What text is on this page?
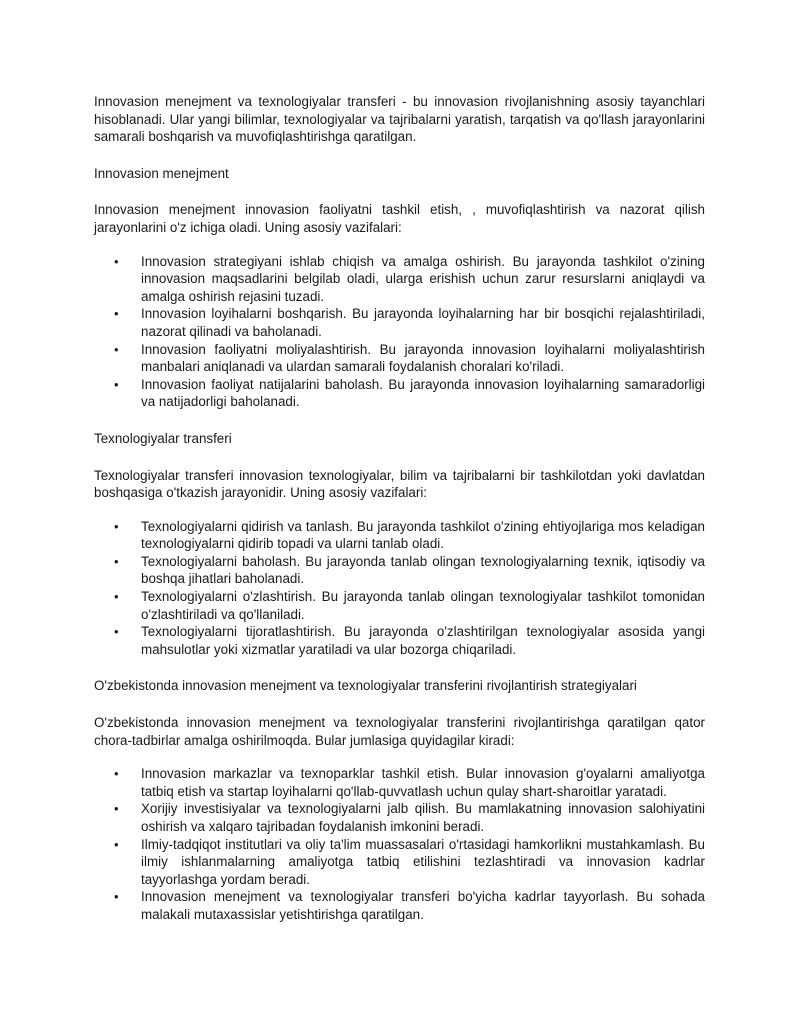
Innovasion menejment va texnologiyalar transferi - bu innovasion rivojlanishning asosiy tayanchlari hisoblanadi. Ular yangi bilimlar, texnologiyalar va tajribalarni yaratish, tarqatish va qo'llash jarayonlarini samarali boshqarish va muvofiqlashtirishga qaratilgan.

Innovasion menejment

Innovasion menejment innovasion faoliyatni tashkil etish, , muvofiqlashtirish va nazorat qilish jarayonlarini o'z ichiga oladi. Uning asosiy vazifalari:

• Innovasion strategiyani ishlab chiqish va amalga oshirish. Bu jarayonda tashkilot o'zining innovasion maqsadlarini belgilab oladi, ularga erishish uchun zarur resurslarni aniqlaydi va amalga oshirish rejasini tuzadi.
• Innovasion loyihalarni boshqarish. Bu jarayonda loyihalarning har bir bosqichi rejalashtiriladi, nazorat qilinadi va baholanadi.
• Innovasion faoliyatni moliyalashtirish. Bu jarayonda innovasion loyihalarni moliyalashtirish manbalari aniqlanadi va ulardan samarali foydalanish choralari ko'riladi.
• Innovasion faoliyat natijalarini baholash. Bu jarayonda innovasion loyihalarning samaradorligi va natijadorligi baholanadi.

Texnologiyalar transferi

Texnologiyalar transferi innovasion texnologiyalar, bilim va tajribalarni bir tashkilotdan yoki davlatdan boshqasiga o'tkazish jarayonidir. Uning asosiy vazifalari:

• Texnologiyalarni qidirish va tanlash. Bu jarayonda tashkilot o'zining ehtiyojlariga mos keladigan texnologiyalarni qidirib topadi va ularni tanlab oladi.
• Texnologiyalarni baholash. Bu jarayonda tanlab olingan texnologiyalarning texnik, iqtisodiy va boshqa jihatlari baholanadi.
• Texnologiyalarni o'zlashtirish. Bu jarayonda tanlab olingan texnologiyalar tashkilot tomonidan o'zlashtiriladi va qo'llaniladi.
• Texnologiyalarni tijoratlashtirish. Bu jarayonda o'zlashtirilgan texnologiyalar asosida yangi mahsulotlar yoki xizmatlar yaratiladi va ular bozorga chiqariladi.

O'zbekistonda innovasion menejment va texnologiyalar transferini rivojlantirish strategiyalari

O'zbekistonda innovasion menejment va texnologiyalar transferini rivojlantirishga qaratilgan qator chora-tadbirlar amalga oshirilmoqda. Bular jumlasiga quyidagilar kiradi:

• Innovasion markazlar va texnoparklar tashkil etish. Bular innovasion g'oyalarni amaliyotga tatbiq etish va startap loyihalarni qo'llab-quvvatlash uchun qulay shart-sharoitlar yaratadi.
• Xorijiy investisiyalar va texnologiyalarni jalb qilish. Bu mamlakatning innovasion salohiyatini oshirish va xalqaro tajribadan foydalanish imkonini beradi.
• Ilmiy-tadqiqot institutlari va oliy ta'lim muassasalari o'rtasidagi hamkorlikni mustahkamlash. Bu ilmiy ishlanmalarning amaliyotga tatbiq etilishini tezlashtiradi va innovasion kadrlar tayyorlashga yordam beradi.
• Innovasion menejment va texnologiyalar transferi bo'yicha kadrlar tayyorlash. Bu sohada malakali mutaxassislar yetishtirishga qaratilgan.
